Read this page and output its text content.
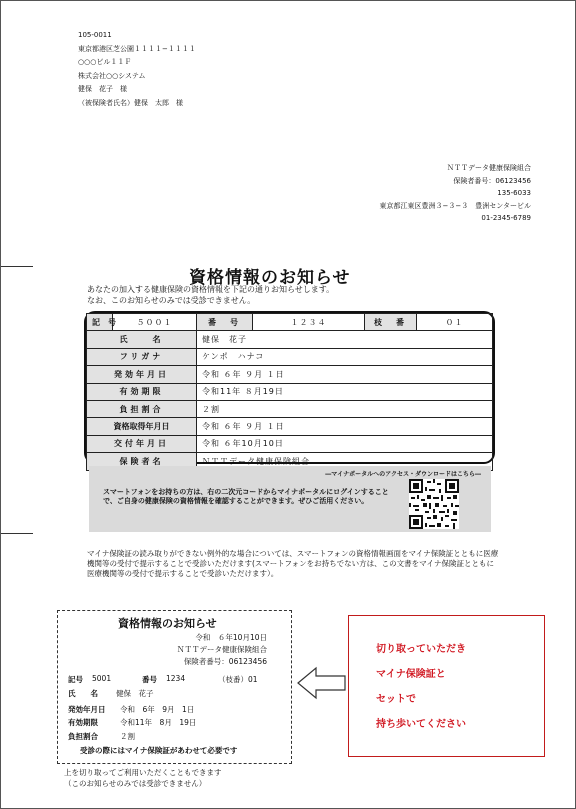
105-0011
東京都港区芝公園１１１１−１１１１
○○○ビル１１Ｆ
株式会社○○システム
健保　花子　様
（被保険者氏名）健保　太郎　様
ＮＴＴデータ健康保険組合
保険者番号：06123456
135-6033
東京都江東区豊洲３−３−３　豊洲センタービル
01-2345-6789
資格情報のお知らせ
あなたの加入する健康保険の資格情報を下記の通りお知らせします。
なお、このお知らせのみでは受診できません。
記　号	５００１	番　号	１２３４	枝　番	０１
氏　　名		健保　花子			
フリガナ		ケンポ　ハナコ			
発効年月日		令和 ６年 ９月 １日			
有効期限		令和11年 ８月19日			
負担割合		２割			
資格取得年月日		令和 ６年 ９月 １日			
交付年月日		令和 ６年10月10日			
保険者名		ＮＴＴデータ健康保険組合			
―マイナポータルへのアクセス・ダウンロードはこちら―
スマートフォンをお持ちの方は、右の二次元コードからマイナポータルにログインすることで、ご自身の健康保険の資格情報を確認することができます。ぜひご活用ください。
マイナ保険証の読み取りができない例外的な場合については、スマートフォンの資格情報画面をマイナ保険証とともに医療機関等の受付で提示することで受診いただけます(スマートフォンをお持ちでない方は、この文書をマイナ保険証とともに医療機関等の受付で提示することで受診いただけます）。
資格情報のお知らせ
令和　６年10月10日
ＮＴＴデータ健康保険組合
保険者番号：06123456
記号 5001	番号 1234	（枝番）01
氏　　名 健保　花子
発効年月日 令和　6年　9月　1日
有効期限	令和11年　8月　19日
負担割合	２割
受診の際にはマイナ保険証があわせて必要です
切り取っていただき
マイナ保険証と
セットで
持ち歩いてください
上を切り取ってご利用いただくこともできます
（このお知らせのみでは受診できません）
